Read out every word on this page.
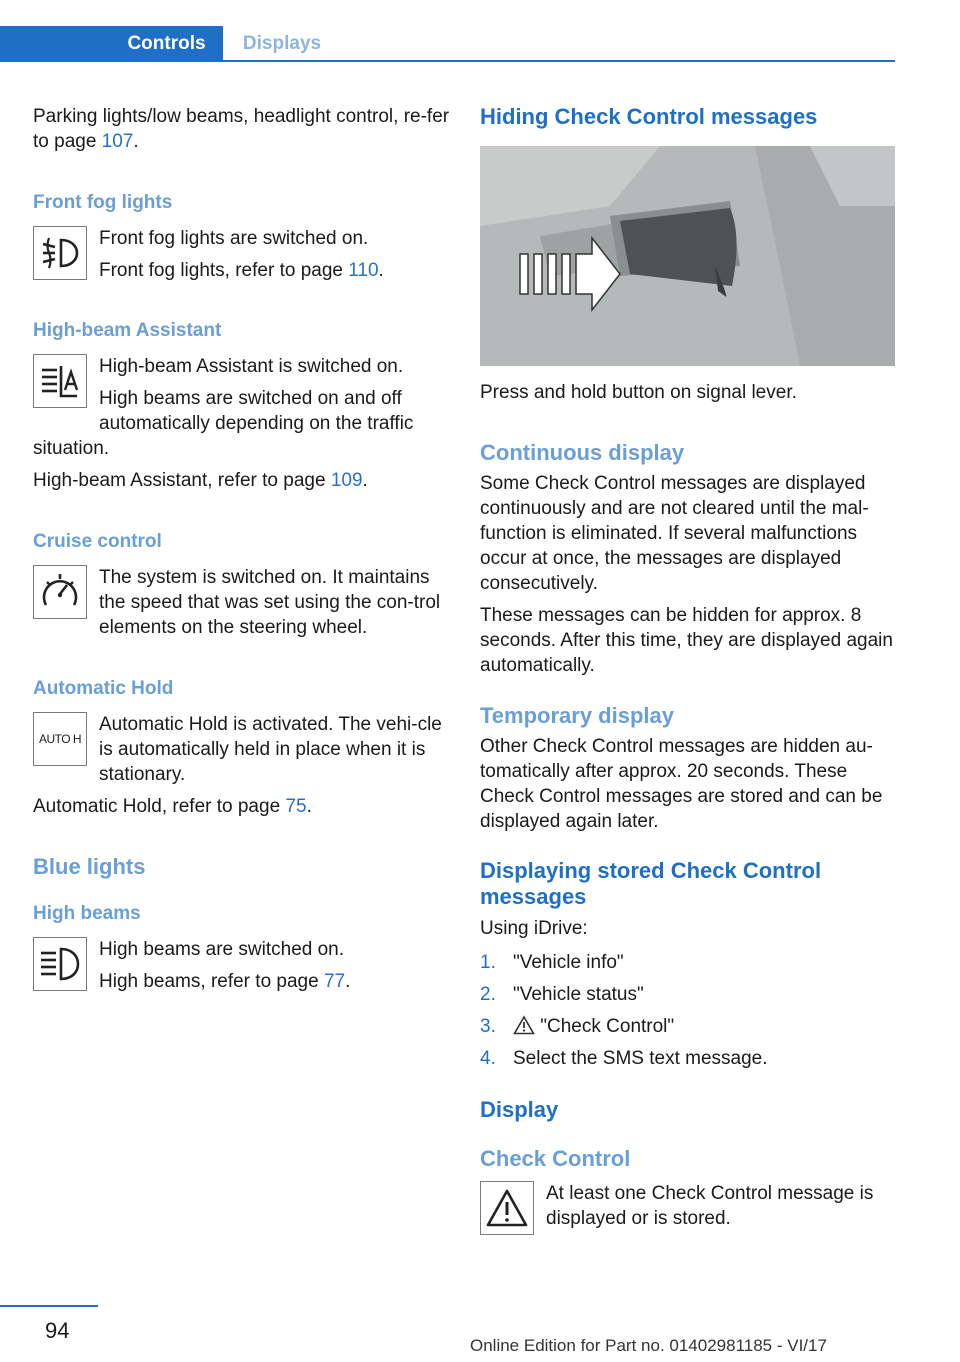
Controls	Displays

Parking lights/low beams, headlight control, re-fer to page 107.

Front fog lights

Front fog lights are switched on.

Front fog lights, refer to page 110.

High-beam Assistant

High-beam Assistant is switched on.

High beams are switched on and off automatically depending on the traffic situation.

High-beam Assistant, refer to page 109.

Cruise control

The system is switched on. It maintains the speed that was set using the con-trol elements on the steering wheel.

Automatic Hold
AUTO H

Automatic Hold is activated. The vehi-cle is automatically held in place when it is stationary.

Automatic Hold, refer to page 75.

Blue lights
High beams

High beams are switched on.

High beams, refer to page 77.

Hiding Check Control messages

Press and hold button on signal lever.

Continuous display

Some Check Control messages are displayed continuously and are not cleared until the mal-function is eliminated. If several malfunctions occur at once, the messages are displayed consecutively.

These messages can be hidden for approx. 8 seconds. After this time, they are displayed again automatically.

Temporary display

Other Check Control messages are hidden au-tomatically after approx. 20 seconds. These Check Control messages are stored and can be displayed again later.

Displaying stored Check Control messages

Using iDrive:

1. "Vehicle info"
2. "Vehicle status"
3. "Check Control"
4. Select the SMS text message.
Display
Check Control

At least one Check Control message is displayed or is stored.

94
Online Edition for Part no. 01402981185 - VI/17
